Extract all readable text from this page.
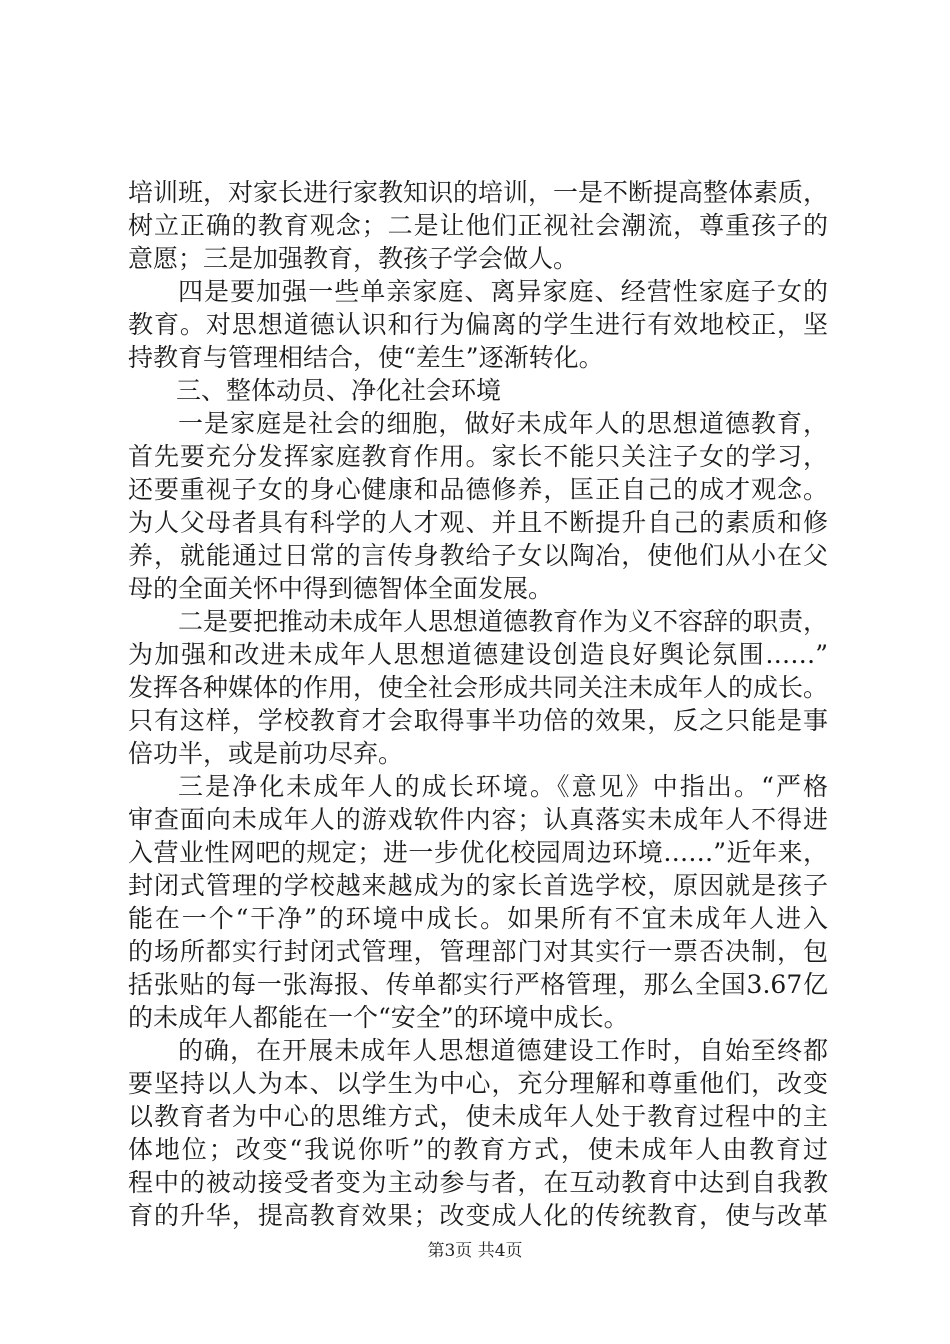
培训班，对家长进行家教知识的培训，一是不断提高整体素质，
树立正确的教育观念；二是让他们正视社会潮流，尊重孩子的
意愿；三是加强教育，教孩子学会做人。
四是要加强一些单亲家庭、离异家庭、经营性家庭子女的
教育。对思想道德认识和行为偏离的学生进行有效地校正，坚
持教育与管理相结合，使“差生”逐渐转化。
三、整体动员、净化社会环境
一是家庭是社会的细胞，做好未成年人的思想道德教育，
首先要充分发挥家庭教育作用。家长不能只关注子女的学习，
还要重视子女的身心健康和品德修养，匡正自己的成才观念。
为人父母者具有科学的人才观、并且不断提升自己的素质和修
养，就能通过日常的言传身教给子女以陶冶，使他们从小在父
母的全面关怀中得到德智体全面发展。
二是要把推动未成年人思想道德教育作为义不容辞的职责，
为加强和改进未成年人思想道德建设创造良好舆论氛围……”
发挥各种媒体的作用，使全社会形成共同关注未成年人的成长。
只有这样，学校教育才会取得事半功倍的效果，反之只能是事
倍功半，或是前功尽弃。
三是净化未成年人的成长环境。《意见》中指出。“严格
审查面向未成年人的游戏软件内容；认真落实未成年人不得进
入营业性网吧的规定；进一步优化校园周边环境……”近年来，
封闭式管理的学校越来越成为的家长首选学校，原因就是孩子
能在一个“干净”的环境中成长。如果所有不宜未成年人进入
的场所都实行封闭式管理，管理部门对其实行一票否决制，包
括张贴的每一张海报、传单都实行严格管理，那么全国3.67亿
的未成年人都能在一个“安全”的环境中成长。
的确，在开展未成年人思想道德建设工作时，自始至终都
要坚持以人为本、以学生为中心，充分理解和尊重他们，改变
以教育者为中心的思维方式，使未成年人处于教育过程中的主
体地位；改变“我说你听”的教育方式，使未成年人由教育过
程中的被动接受者变为主动参与者，在互动教育中达到自我教
育的升华，提高教育效果；改变成人化的传统教育，使与改革
第3页 共4页
